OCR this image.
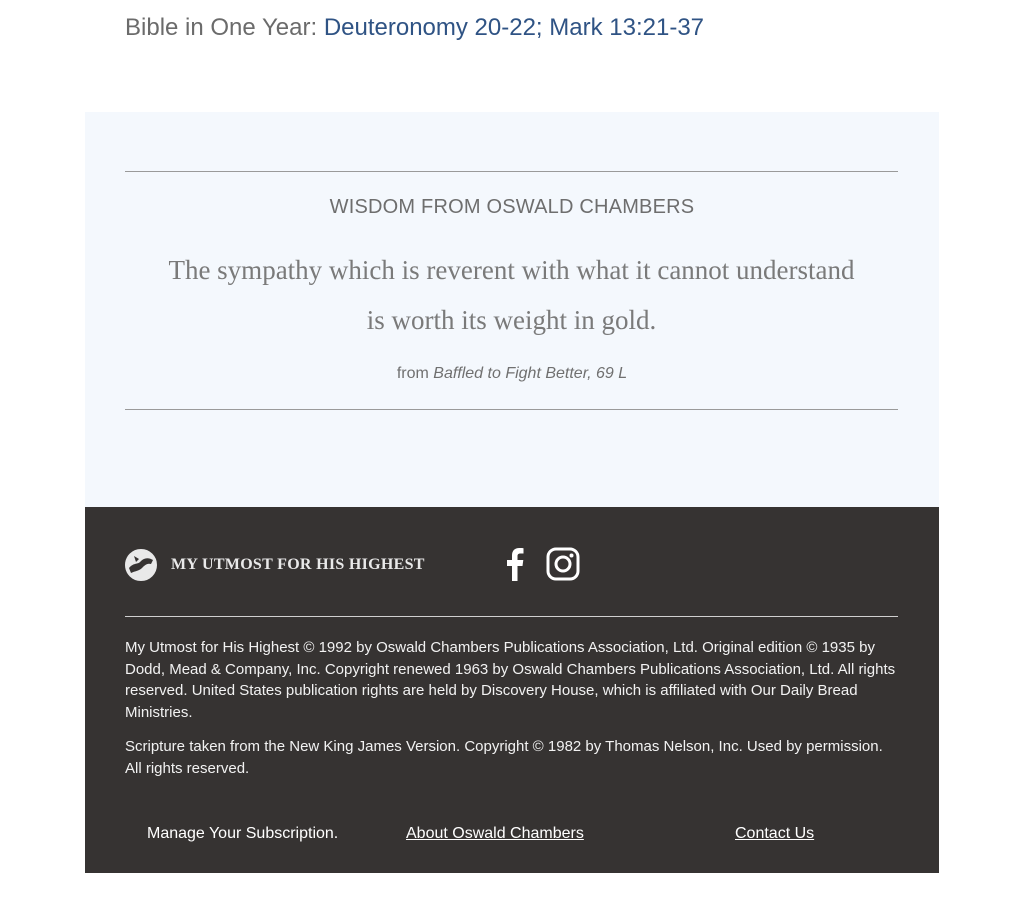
Bible in One Year: Deuteronomy 20-22; Mark 13:21-37
WISDOM FROM OSWALD CHAMBERS
The sympathy which is reverent with what it cannot understand
is worth its weight in gold.
from Baffled to Fight Better, 69 L
MY UTMOST FOR HIS HIGHEST
My Utmost for His Highest © 1992 by Oswald Chambers Publications Association, Ltd. Original edition © 1935 by Dodd, Mead & Company, Inc. Copyright renewed 1963 by Oswald Chambers Publications Association, Ltd. All rights reserved. United States publication rights are held by Discovery House, which is affiliated with Our Daily Bread Ministries.
Scripture taken from the New King James Version. Copyright © 1982 by Thomas Nelson, Inc. Used by permission. All rights reserved.
Manage Your Subscription.	About Oswald Chambers	Contact Us
